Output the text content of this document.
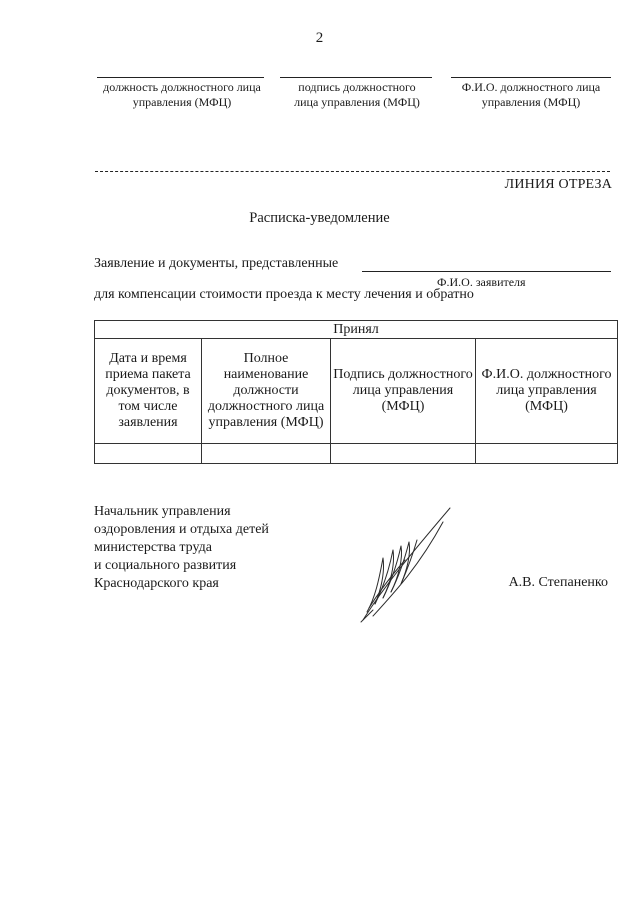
2
должность должностного лица
управления (МФЦ)
подпись должностного
лица управления (МФЦ)
Ф.И.О. должностного лица
управления (МФЦ)
ЛИНИЯ ОТРЕЗА
Расписка-уведомление
Заявление и документы, представленные
Ф.И.О. заявителя
для компенсации стоимости проезда к месту лечения и обратно
Принял			
Дата и время приема пакета документов, в том числе заявления	Полное наименование должности должностного лица управления (МФЦ)	Подпись должностного лица управления (МФЦ)	Ф.И.О. должностного лица управления (МФЦ)

Начальник управления
оздоровления и отдыха детей
министерства труда
и социального развития
Краснодарского края	А.В. Степаненко
